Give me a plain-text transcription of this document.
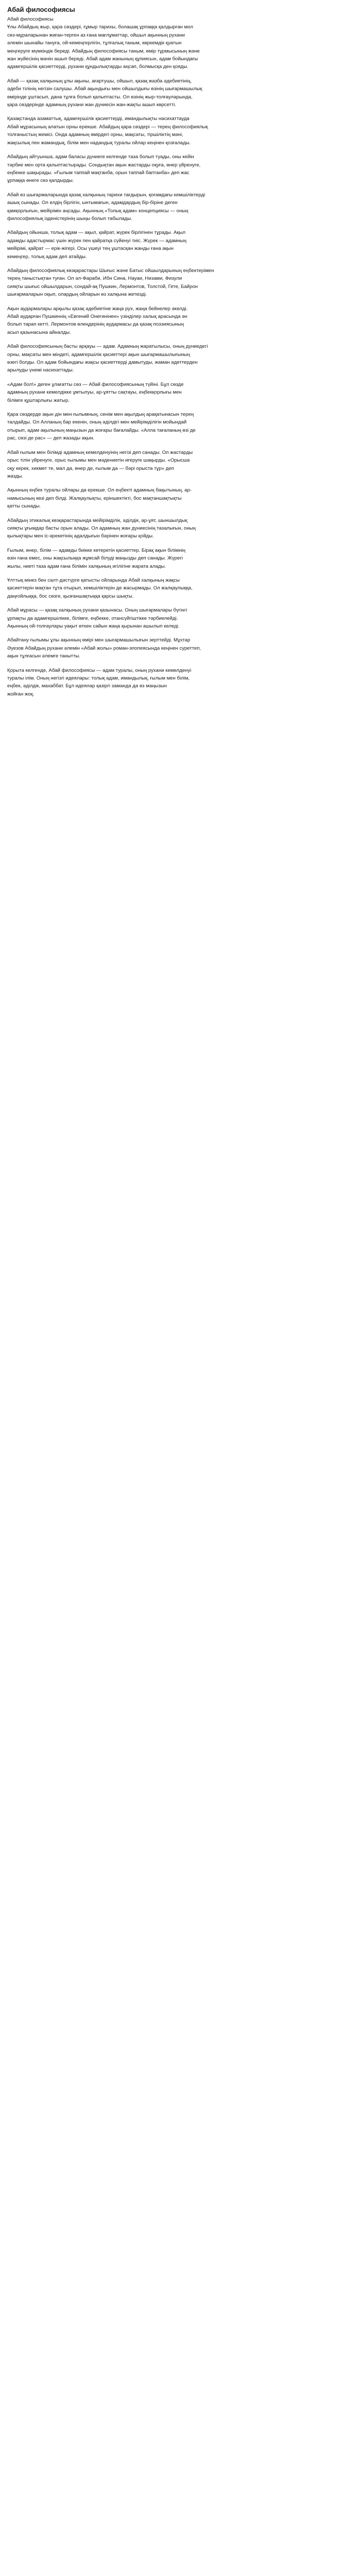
Абай философиясы
Абай философиясы
Ұлы Абайдың жыр, қара сөздері, ғұмыр тарихы, болашақ ұрпаққа қалдырған мол
сөз-мұраларынан жиған-терген аз ғана мағлұматтар, ойшыл ақынның рухани
әлемін шынайы тануға, ой-кемеңгерлігін, тұлғалық таным, көркемдік қуатын
меңгеруге мүмкіндік береді. Абайдың философиясы таным, өмір тұрмысының және
жан жүйесінің мәнін ашып береді. Абай адам жанының құпиясын, адам бойындағы
адамгершілік қасиеттерді, рухани құндылықтарды аңсап, болмысқа ден қояды.
Абай — қазақ халқының ұлы ақыны, ағартушы, ойшыл, қазақ жазба әдебиетінің,
әдеби тілінің негізін салушы. Абай ақындығы мен ойшылдығы өзінің шығармашылық
өмірінде ұштасып, дана тұлға болып қалыптасты. Ол өзінің жыр-толғауларында,
қара сөздерінде адамның рухани жан дүниесін жан-жақты ашып көрсетті.
Қазақстанда азаматтық, адамгершілік қасиеттерді, имандылықты насихаттауда
Абай мұрасының алатын орны ерекше. Абайдың қара сөздері — терең философиялық
толғаныстың жемісі. Онда адамның өмірдегі орны, мақсаты, тіршіліктің мәні,
жақсылық пен жамандық, білім мен надандық туралы ойлар кеңінен қозғалады.
Абайдың айтуынша, адам баласы дүниеге келгенде таза болып туады, оны кейін
тәрбие мен орта қалыптастырады. Сондықтан ақын жастарды оқуға, өнер үйренуге,
еңбекке шақырады. «Ғылым таппай мақтанба, орын таппай баптанба» деп жас
ұрпаққа өнеге сөз қалдырды.
Абай өз шығармаларында қазақ халқының тарихи тағдырын, қоғамдағы кемшіліктерді
ашық сынады. Ол елдің бірлігін, ынтымағын, адамдардың бір-біріне деген
қамқорлығын, мейірімін аңсады. Ақынның «Толық адам» концепциясы — оның
философиялық ізденістерінің шыңы болып табылады.
Абайдың ойынша, толық адам — ақыл, қайрат, жүрек бірлігінен тұрады. Ақыл
адамды адастырмас үшін жүрек пен қайратқа сүйенуі тиіс. Жүрек — адамның
мейірімі, қайрат — ерік-жігері. Осы үшеуі тең ұштасқан жанды ғана ақын
кемеңгер, толық адам деп атайды.
Абайдың философиялық көзқарастары Шығыс және Батыс ойшылдарының еңбектерімен
терең таныстықтан туған. Ол әл-Фараби, Ибн Сина, Науаи, Низами, Физули
сияқты шығыс ойшылдарын, сондай-ақ Пушкин, Лермонтов, Толстой, Гете, Байрон
шығармаларын оқып, олардың ойларын өз халқына жеткізді.
Ақын аудармалары арқылы қазақ әдебиетіне жаңа рух, жаңа бейнелер әкелді.
Абай аударған Пушкиннің «Евгений Онегинінен» үзінділер халық арасында ән
болып тарап кетті. Лермонтов өлеңдерінің аудармасы да қазақ поэзиясының
асыл қазынасына айналды.
Абай философиясының басты арқауы — адам. Адамның жаратылысы, оның дүниедегі
орны, мақсаты мен міндеті, адамгершілік қасиеттері ақын шығармашылығының
өзегі болды. Ол адам бойындағы жақсы қасиеттерді дамытуды, жаман әдеттерден
арылуды үнемі насихаттады.
«Адам бол!» деген ұлағатты сөз — Абай философиясының түйіні. Бұл сөзде
адамның рухани кемелдікке ұмтылуы, ар-ұятты сақтауы, еңбекқорлығы мен
білімге құштарлығы жатыр.
Қара сөздерде ақын дін мен ғылымның, сенім мен ақылдың арақатынасын терең
талдайды. Ол Алланың бар екенін, оның әділдігі мен мейірімділігін мойындай
отырып, адам ақылының маңызын да жоғары бағалайды. «Алла тағаланың өзі де
рас, сөзі де рас» — деп жазады ақын.
Абай ғылым мен білімді адамның кемелденуінің негізі деп санады. Ол жастарды
орыс тілін үйренуге, орыс ғылымы мен мәдениетін игеруге шақырды. «Орысша
оқу керек, хикмет те, мал да, өнер де, ғылым да — бәрі орыста тұр» деп
жазды.
Ақынның еңбек туралы ойлары да ерекше. Ол еңбекті адамның бақытының, ар-
намысының көзі деп білді. Жалқаулықты, еріншектікті, бос мақтаншақтықты
қатты сынады.
Абайдың этикалық көзқарастарында мейірімділік, әділдік, ар-ұят, шыншылдық
сияқты ұғымдар басты орын алады. Ол адамның жан дүниесінің тазалығын, оның
қылықтары мен іс-әрекетінің адалдығын бәрінен жоғары қойды.
Ғылым, өнер, білім — адамды биікке көтеретін қасиеттер. Бірақ ақын білімнің
өзін ғана емес, оны жақсылыққа жұмсай білуді маңызды деп санады. Жүрегі
жылы, ниеті таза адам ғана білімін халқының игілігіне жарата алады.
Ұлттық мінез бен салт-дәстүрге қатысты ойларында Абай халқының жақсы
қасиеттерін мақтан тұта отырып, кемшіліктерін де жасырмады. Ол жалқаулыққа,
даңғойлыққа, бос сөзге, қызғаншақтыққа қарсы шықты.
Абай мұрасы — қазақ халқының рухани қазынасы. Оның шығармалары бүгінгі
ұрпақты да адамгершілікке, білімге, еңбекке, отансүйгіштікке тәрбиелейді.
Ақынның ой-толғаулары уақыт өткен сайын жаңа қырынан ашылып келеді.
Абайтану ғылымы ұлы ақынның өмірі мен шығармашылығын зерттейді. Мұхтар
Әуезов Абайдың рухани әлемін «Абай жолы» роман-эпопеясында кеңінен суреттеп,
ақын тұлғасын әлемге танытты.
Қорыта келгенде, Абай философиясы — адам туралы, оның рухани кемелденуі
туралы ілім. Оның негізгі идеялары: толық адам, имандылық, ғылым мен білім,
еңбек, әділдік, махаббат. Бұл идеялар қазіргі заманда да өз маңызын
жойған жоқ.
